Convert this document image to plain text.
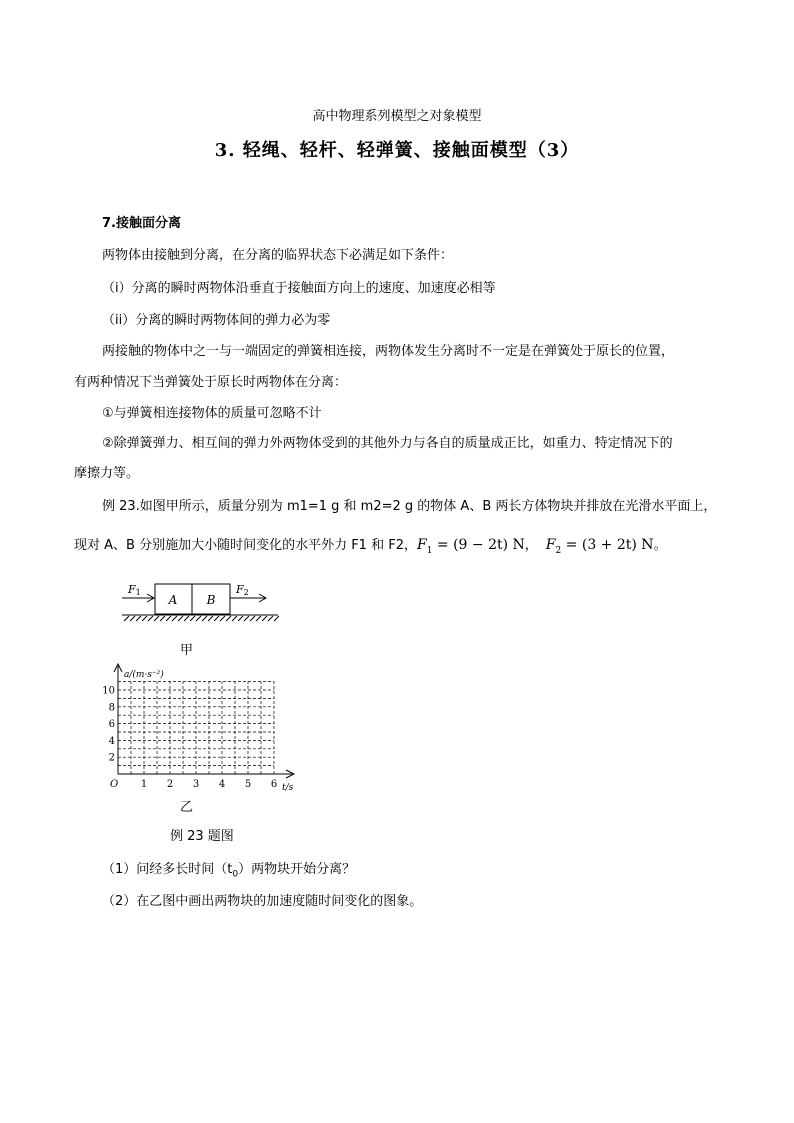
高中物理系列模型之对象模型
3. 轻绳、轻杆、轻弹簧、接触面模型（3）
7.接触面分离
两物体由接触到分离，在分离的临界状态下必满足如下条件：
（i）分离的瞬时两物体沿垂直于接触面方向上的速度、加速度必相等
（ii）分离的瞬时两物体间的弹力必为零
两接触的物体中之一与一端固定的弹簧相连接，两物体发生分离时不一定是在弹簧处于原长的位置，
有两种情况下当弹簧处于原长时两物体在分离：
①与弹簧相连接物体的质量可忽略不计
②除弹簧弹力、相互间的弹力外两物体受到的其他外力与各自的质量成正比，如重力、特定情况下的
摩擦力等。
例 23.如图甲所示，质量分别为 m1=1 g 和 m2=2 g 的物体 A、B 两长方体物块并排放在光滑水平面上，
现对 A、B 分别施加大小随时间变化的水平外力 F1 和 F2，$F_1 = (9 - 2t)$ N， $F_2 = (3 + 2t)$ N。
A B
F1	F2
甲
1 2 3 4 5 6
2
4
6
8
10
O	t/s
a/(m·s⁻²)
乙
例 23 题图
（1）问经多长时间$(t_0)$两物块开始分离？
（2）在乙图中画出两物块的加速度随时间变化的图象。
